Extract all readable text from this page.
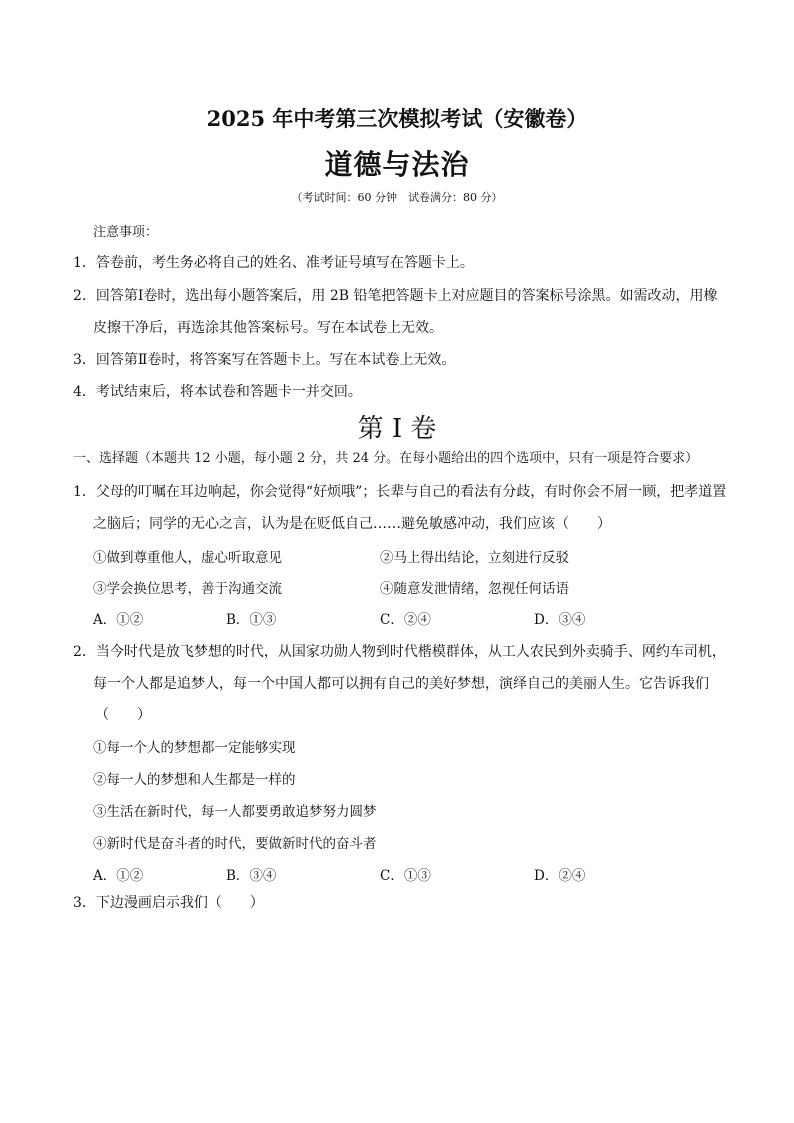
2025 年中考第三次模拟考试（安徽卷）
道德与法治
（考试时间：60 分钟　试卷满分：80 分）
注意事项：
1．答卷前，考生务必将自己的姓名、准考证号填写在答题卡上。
2．回答第Ⅰ卷时，选出每小题答案后，用 2B 铅笔把答题卡上对应题目的答案标号涂黑。如需改动，用橡
皮擦干净后，再选涂其他答案标号。写在本试卷上无效。
3．回答第Ⅱ卷时，将答案写在答题卡上。写在本试卷上无效。
4．考试结束后，将本试卷和答题卡一并交回。
第 I 卷
一、选择题（本题共 12 小题，每小题 2 分，共 24 分。在每小题给出的四个选项中，只有一项是符合要求）
1．父母的叮嘱在耳边响起，你会觉得“好烦哦”；长辈与自己的看法有分歧，有时你会不屑一顾，把孝道置
之脑后；同学的无心之言，认为是在贬低自己……避免敏感冲动，我们应该（　　）
①做到尊重他人，虚心听取意见	②马上得出结论，立刻进行反驳
③学会换位思考，善于沟通交流	④随意发泄情绪，忽视任何话语
A．①②	B．①③	C．②④	D．③④
2．当今时代是放飞梦想的时代，从国家功勋人物到时代楷模群体，从工人农民到外卖骑手、网约车司机，
每一个人都是追梦人，每一个中国人都可以拥有自己的美好梦想，演绎自己的美丽人生。它告诉我们
（　　）
①每一个人的梦想都一定能够实现
②每一人的梦想和人生都是一样的
③生活在新时代，每一人都要勇敢追梦努力圆梦
④新时代是奋斗者的时代，要做新时代的奋斗者
A．①②	B．③④	C．①③	D．②④
3．下边漫画启示我们（　　）
